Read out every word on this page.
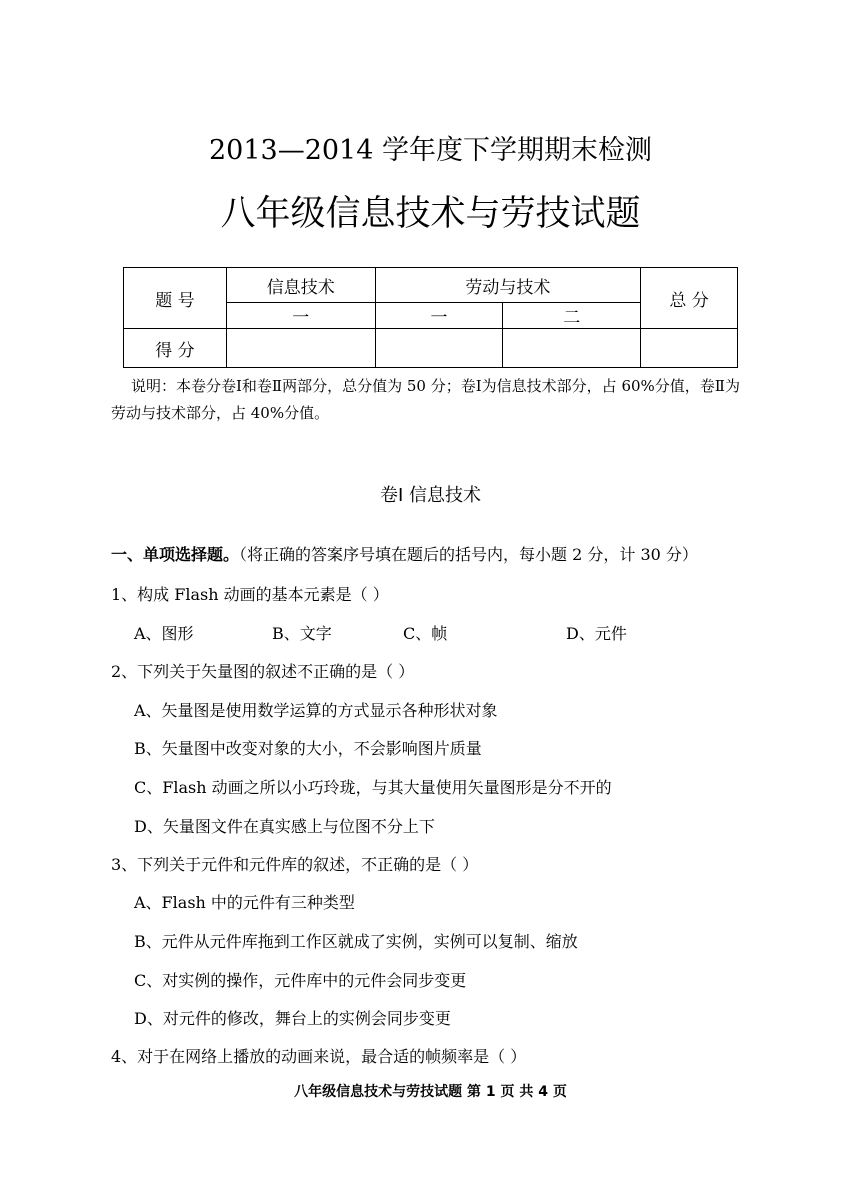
2013—2014 学年度下学期期末检测
八年级信息技术与劳技试题
题 号	信息技术	劳动与技术		总 分
	一	一	二	
得 分				
说明：本卷分卷Ⅰ和卷Ⅱ两部分，总分值为 50 分；卷Ⅰ为信息技术部分，占 60%分值，卷Ⅱ为劳动与技术部分，占 40%分值。
卷Ⅰ 信息技术
一、单项选择题。（将正确的答案序号填在题后的括号内，每小题 2 分，计 30 分）
1、构成 Flash 动画的基本元素是（ ）
A、图形	B、文字	C、帧	D、元件
2、下列关于矢量图的叙述不正确的是（ ）
A、矢量图是使用数学运算的方式显示各种形状对象
B、矢量图中改变对象的大小，不会影响图片质量
C、Flash 动画之所以小巧玲珑，与其大量使用矢量图形是分不开的
D、矢量图文件在真实感上与位图不分上下
3、下列关于元件和元件库的叙述，不正确的是（ ）
A、Flash 中的元件有三种类型
B、元件从元件库拖到工作区就成了实例，实例可以复制、缩放
C、对实例的操作，元件库中的元件会同步变更
D、对元件的修改，舞台上的实例会同步变更
4、对于在网络上播放的动画来说，最合适的帧频率是（ ）
八年级信息技术与劳技试题 第 1 页 共 4 页
